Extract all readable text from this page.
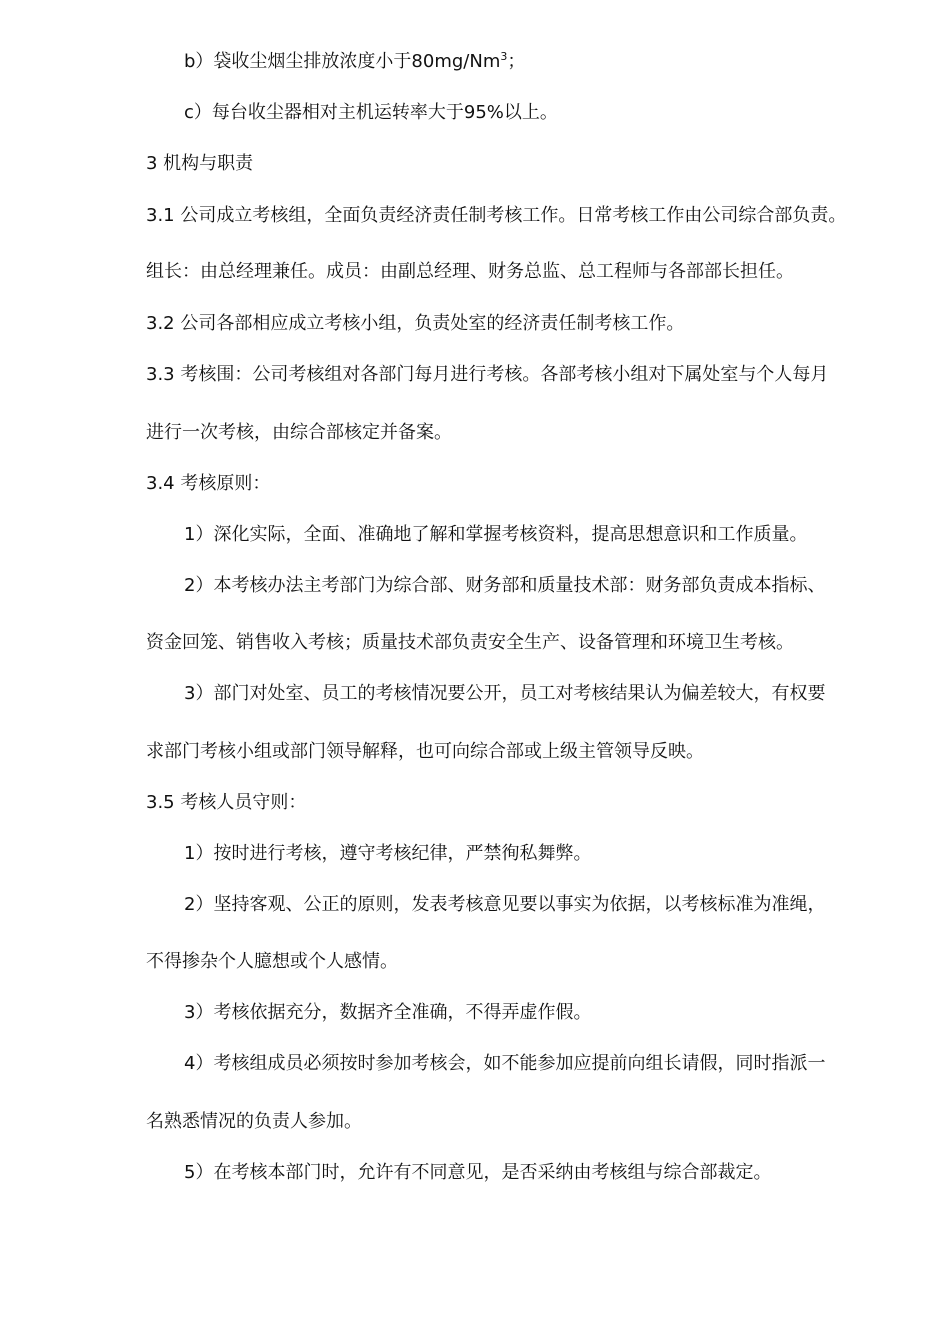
b）袋收尘烟尘排放浓度小于80mg/Nm$^3$；
c）每台收尘器相对主机运转率大于95%以上。
3 机构与职责
3.1 公司成立考核组，全面负责经济责任制考核工作。日常考核工作由公司综合部负责。
组长：由总经理兼任。成员：由副总经理、财务总监、总工程师与各部部长担任。
3.2 公司各部相应成立考核小组，负责处室的经济责任制考核工作。
3.3 考核围：公司考核组对各部门每月进行考核。各部考核小组对下属处室与个人每月
进行一次考核，由综合部核定并备案。
3.4 考核原则：
1）深化实际，全面、准确地了解和掌握考核资料，提高思想意识和工作质量。
2）本考核办法主考部门为综合部、财务部和质量技术部：财务部负责成本指标、
资金回笼、销售收入考核；质量技术部负责安全生产、设备管理和环境卫生考核。
3）部门对处室、员工的考核情况要公开，员工对考核结果认为偏差较大，有权要
求部门考核小组或部门领导解释，也可向综合部或上级主管领导反映。
3.5 考核人员守则：
1）按时进行考核，遵守考核纪律，严禁徇私舞弊。
2）坚持客观、公正的原则，发表考核意见要以事实为依据，以考核标准为准绳，
不得掺杂个人臆想或个人感情。
3）考核依据充分，数据齐全准确，不得弄虚作假。
4）考核组成员必须按时参加考核会，如不能参加应提前向组长请假，同时指派一
名熟悉情况的负责人参加。
5）在考核本部门时，允许有不同意见，是否采纳由考核组与综合部裁定。
